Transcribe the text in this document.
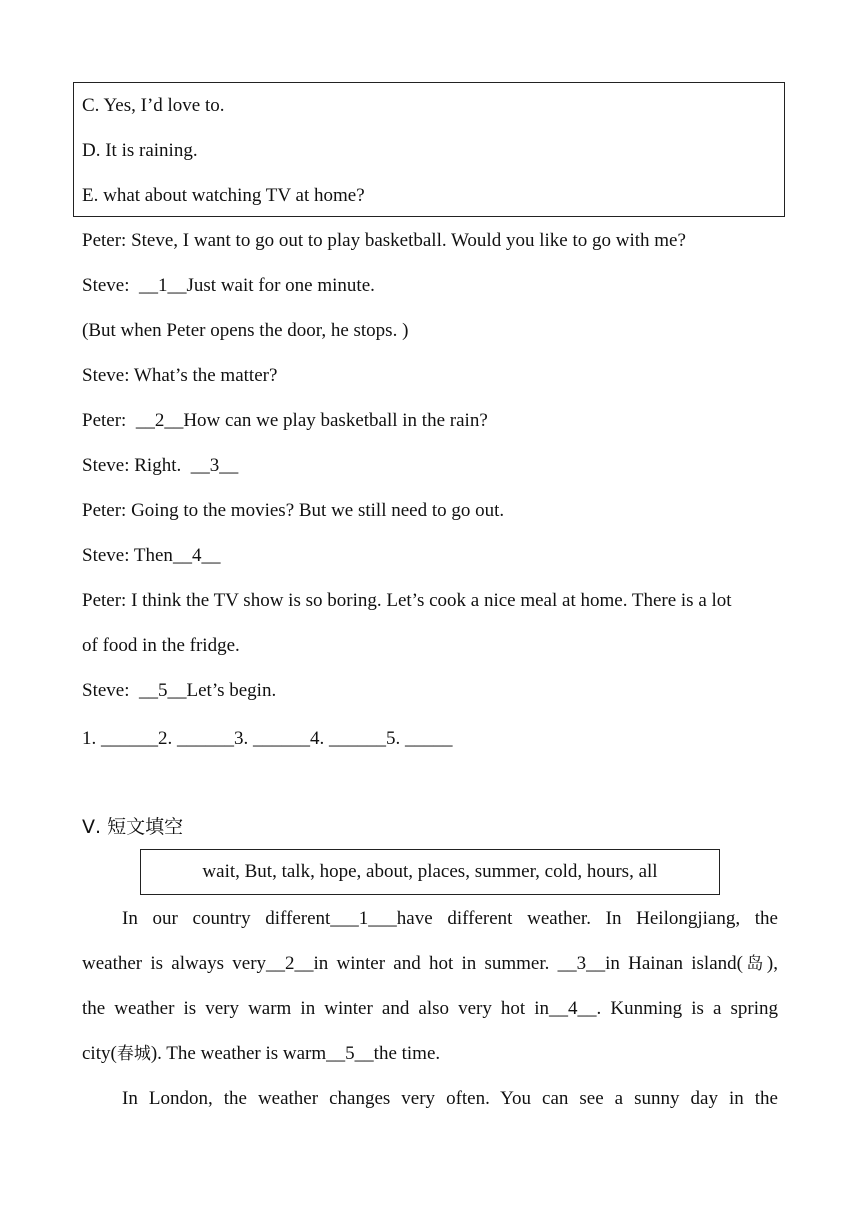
C. Yes, I’d love to.
D. It is raining.
E. what about watching TV at home?
Peter: Steve, I want to go out to play basketball. Would you like to go with me?
Steve:  __1__Just wait for one minute.
(But when Peter opens the door, he stops. )
Steve: What’s the matter?
Peter:  __2__How can we play basketball in the rain?
Steve: Right.  __3__
Peter: Going to the movies? But we still need to go out.
Steve: Then__4__
Peter: I think the TV show is so boring. Let’s cook a nice meal at home. There is a lot
of food in the fridge.
Steve:  __5__Let’s begin.
1. ______2. ______3. ______4. ______5. _____
Ⅴ. 短文填空
wait, But, talk, hope, about, places, summer, cold, hours, all
In our country different___1___have different weather. In Heilongjiang, the
weather is always very__2__in winter and hot in summer. __3__in Hainan island(岛),
the weather is very warm in winter and also very hot in__4__. Kunming is a spring
city(春城). The weather is warm__5__the time.
In London, the weather changes very often. You can see a sunny day in the
